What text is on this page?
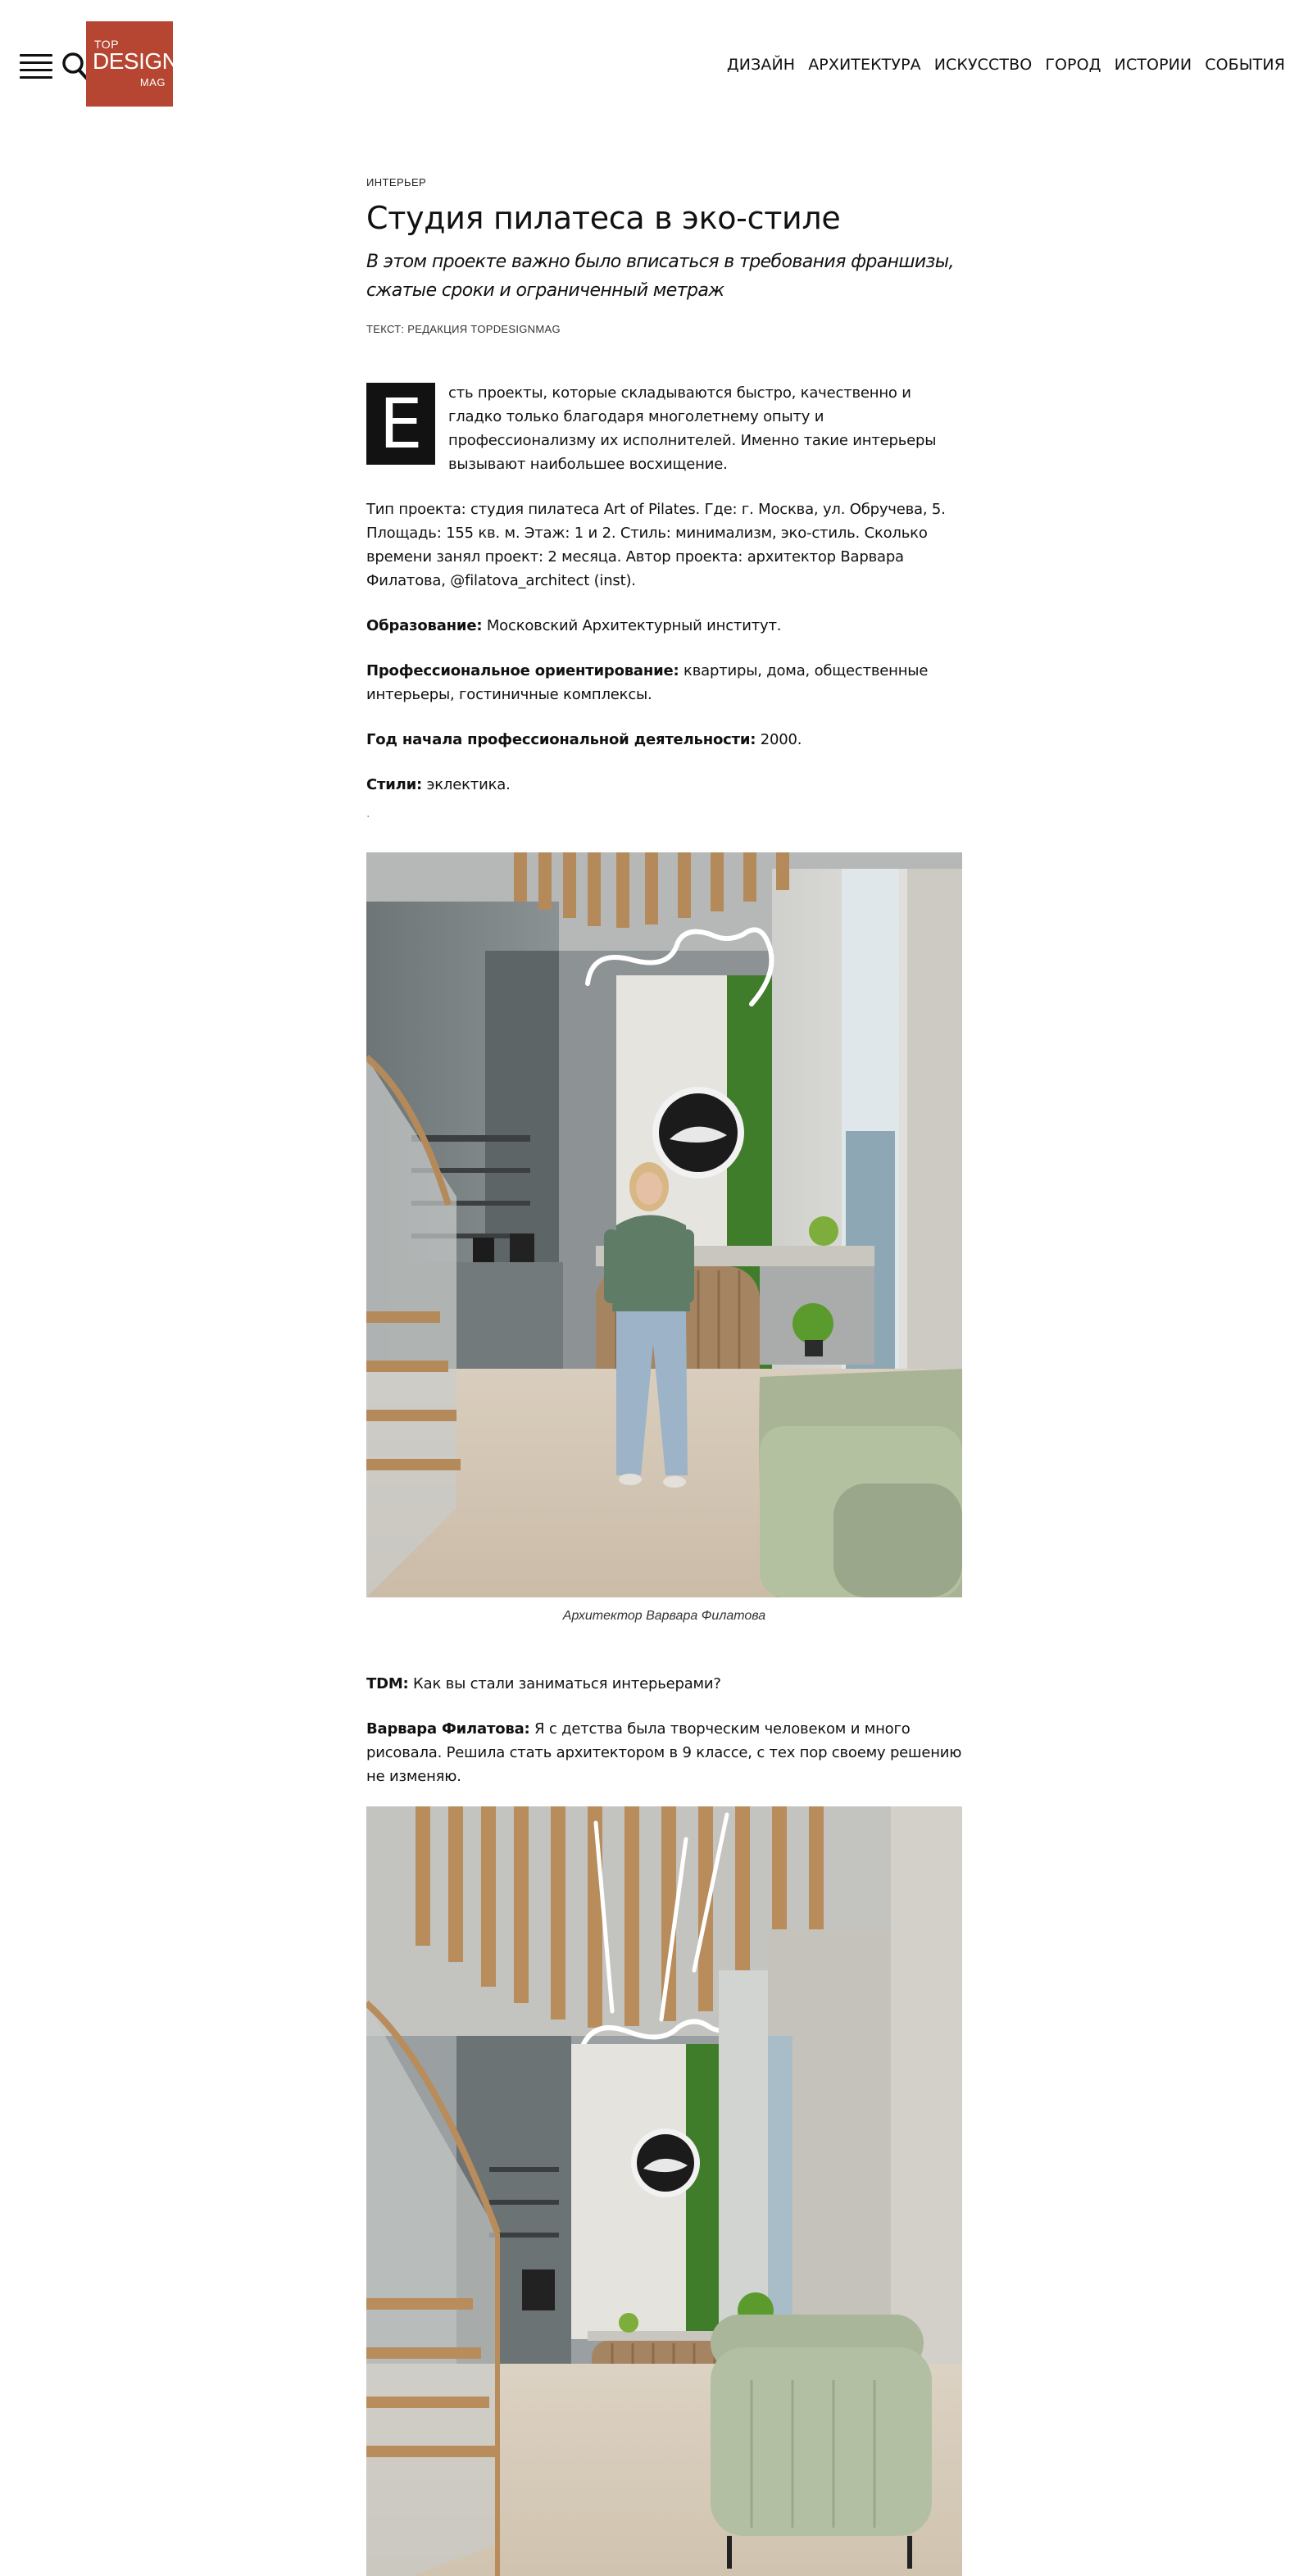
TOP
DESIGN
MAG
ДИЗАЙН АРХИТЕКТУРА ИСКУССТВО ГОРОД ИСТОРИИ СОБЫТИЯ
ИНТЕРЬЕР
Студия пилатеса в эко-стиле
В этом проекте важно было вписаться в требования франшизы, сжатые сроки и ограниченный метраж
ТЕКСТ: РЕДАКЦИЯ TOPDESIGNMAG

Е	сть проекты, которые складываются быстро, качественно и гладко только благодаря многолетнему опыту и профессионализму их исполнителей. Именно такие интерьеры вызывают наибольшее восхищение.

Тип проекта: студия пилатеса Art of Pilates. Где: г. Москва, ул. Обручева, 5. Площадь: 155 кв. м. Этаж: 1 и 2. Стиль: минимализм, эко-стиль. Сколько времени занял проект: 2 месяца. Автор проекта: архитектор Варвара Филатова, @filatova_architect (inst).

Образование: Московский Архитектурный институт.

Профессиональное ориентирование: квартиры, дома, общественные интерьеры, гостиничные комплексы.

Год начала профессиональной деятельности: 2000.

Стили: эклектика.

.
Архитектор Варвара Филатова

TDM: Как вы стали заниматься интерьерами?

Варвара Филатова: Я с детства была творческим человеком и много рисовала. Решила стать архитектором в 9 классе, с тех пор своему решению не изменяю.
